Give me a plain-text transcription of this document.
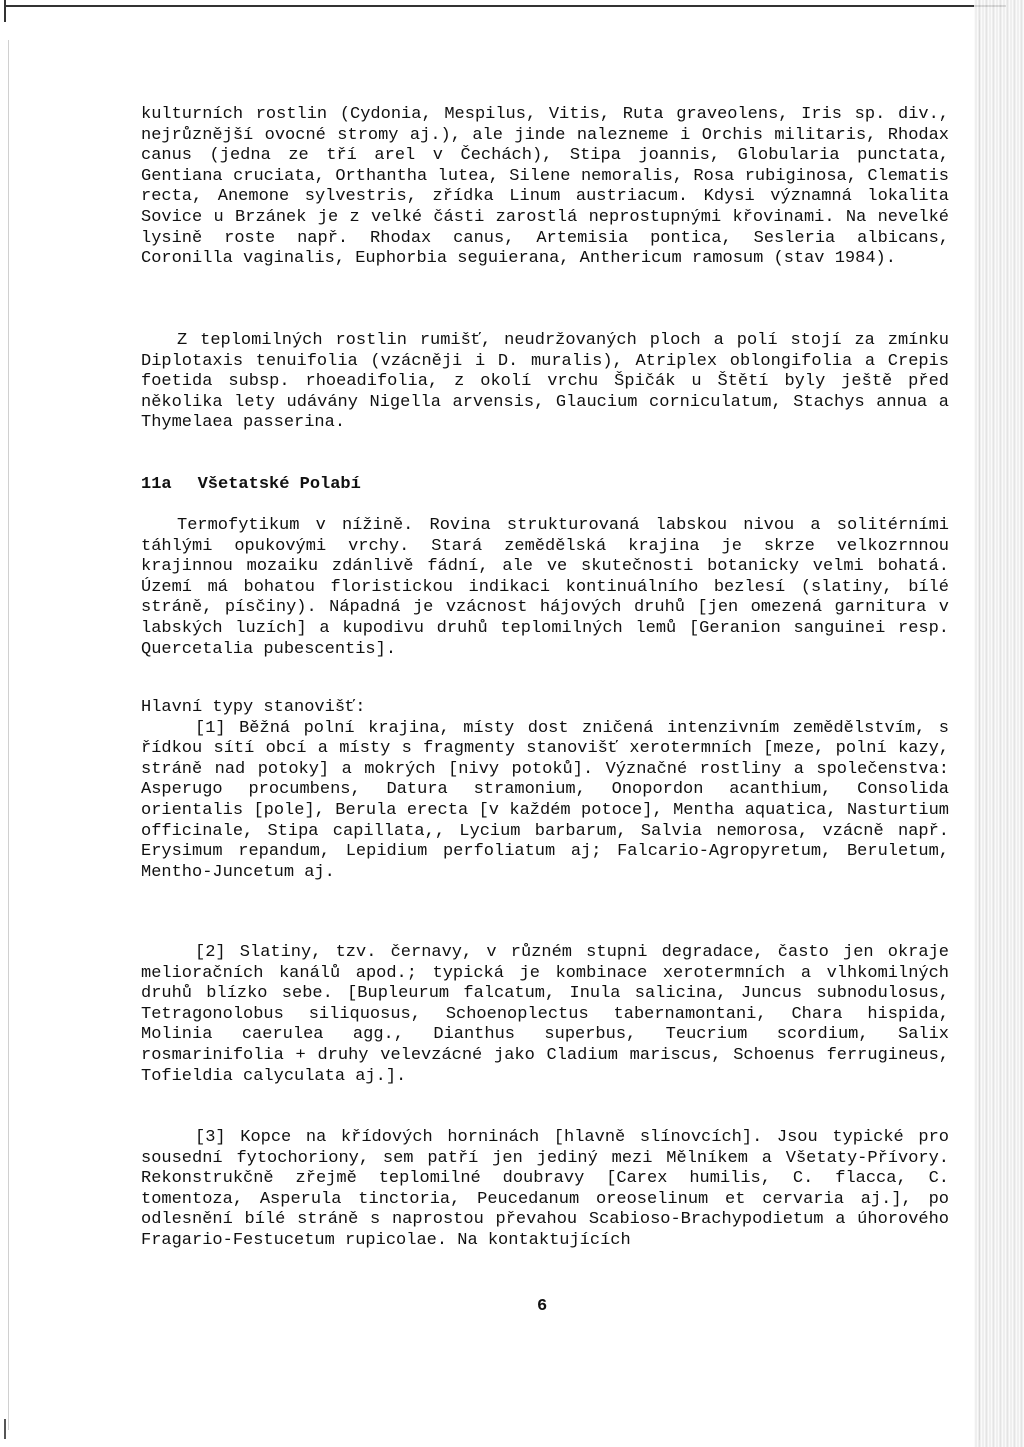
kulturních rostlin (Cydonia, Mespilus, Vitis, Ruta graveolens, Iris sp. div., nejrůznější ovocné stromy aj.), ale jinde nalezneme i Orchis militaris, Rhodax canus (jedna ze tří arel v Čechách), Stipa joannis, Globularia punctata, Gentiana cruciata, Orthantha lutea, Silene nemoralis, Rosa rubiginosa, Clematis recta, Anemone sylvestris, zřídka Linum austriacum. Kdysi významná lokalita Sovice u Brzánek je z velké části zarostlá neprostupnými křovinami. Na nevelké lysině roste např. Rhodax canus, Artemisia pontica, Sesleria albicans, Coronilla vaginalis, Euphorbia seguierana, Anthericum ramosum (stav 1984).

Z teplomilných rostlin rumišť, neudržovaných ploch a polí stojí za zmínku Diplotaxis tenuifolia (vzácněji i D. muralis), Atriplex oblongifolia a Crepis foetida subsp. rhoeadifolia, z okolí vrchu Špičák u Štětí byly ještě před několika lety udávány Nigella arvensis, Glaucium corniculatum, Stachys annua a Thymelaea passerina.

11a Všetatské Polabí

Termofytikum v nížině. Rovina strukturovaná labskou nivou a solitérními táhlými opukovými vrchy. Stará zemědělská krajina je skrze velkozrnnou krajinnou mozaiku zdánlivě fádní, ale ve skutečnosti botanicky velmi bohatá. Území má bohatou floristickou indikaci kontinuálního bezlesí (slatiny, bílé stráně, písčiny). Nápadná je vzácnost hájových druhů [jen omezená garnitura v labských luzích] a kupodivu druhů teplomilných lemů [Geranion sanguinei resp. Quercetalia pubescentis].

Hlavní typy stanovišť:

[1] Běžná polní krajina, místy dost zničená intenzivním zemědělstvím, s řídkou sítí obcí a místy s fragmenty stanovišť xerotermních [meze, polní kazy, stráně nad potoky] a mokrých [nivy potoků]. Význačné rostliny a společenstva: Asperugo procumbens, Datura stramonium, Onopordon acanthium, Consolida orientalis [pole], Berula erecta [v každém potoce], Mentha aquatica, Nasturtium officinale, Stipa capillata,, Lycium barbarum, Salvia nemorosa, vzácně např. Erysimum repandum, Lepidium perfoliatum aj; Falcario-Agropyretum, Beruletum, Mentho-Juncetum aj.

[2] Slatiny, tzv. černavy, v různém stupni degradace, často jen okraje melioračních kanálů apod.; typická je kombinace xerotermních a vlhkomilných druhů blízko sebe. [Bupleurum falcatum, Inula salicina, Juncus subnodulosus, Tetragonolobus siliquosus, Schoenoplectus tabernamontani, Chara hispida, Molinia caerulea agg., Dianthus superbus, Teucrium scordium, Salix rosmarinifolia + druhy velevzácné jako Cladium mariscus, Schoenus ferrugineus, Tofieldia calyculata aj.].

[3] Kopce na křídových horninách [hlavně slínovcích]. Jsou typické pro sousední fytochoriony, sem patří jen jediný mezi Mělníkem a Všetaty-Přívory. Rekonstrukčně zřejmě teplomilné doubravy [Carex humilis, C. flacca, C. tomentoza, Asperula tinctoria, Peucedanum oreoselinum et cervaria aj.], po odlesnění bílé stráně s naprostou převahou Scabioso-Brachypodietum a úhorového Fragario-Festucetum rupicolae. Na kontaktujících

6
